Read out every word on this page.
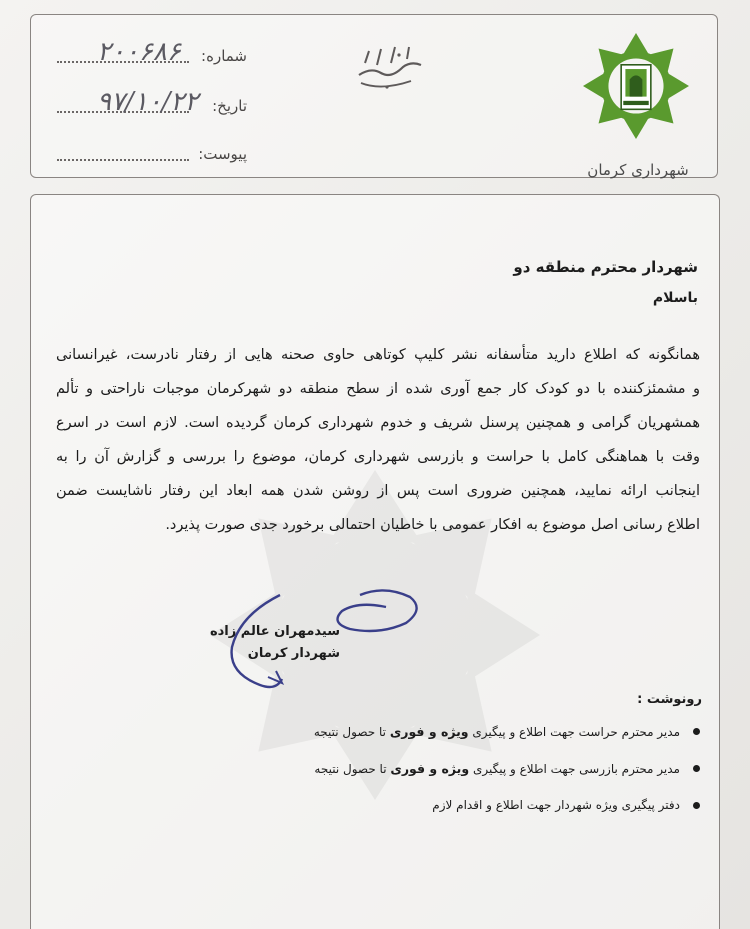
شهرداری کرمان
شماره:
۲۰۰۶۸۶
تاریخ:
۹۷/۱۰/۲۲
پیوست:
شهردار محترم منطقه دو
باسلام
همانگونه که اطلاع دارید متأسفانه نشر کلیپ کوتاهی حاوی صحنه هایی از رفتار نادرست، غیرانسانی
و مشمئزکننده با دو کودک کار جمع آوری شده از سطح منطقه دو شهرکرمان موجبات ناراحتی و تألم
همشهریان گرامی و همچنین پرسنل شریف و خدوم شهرداری کرمان گردیده است. لازم است در اسرع
وقت با هماهنگی کامل با حراست و بازرسی شهرداری کرمان، موضوع را بررسی و گزارش آن را به
اینجانب ارائه نمایید، همچنین ضروری است پس از روشن شدن همه ابعاد این رفتار ناشایست ضمن
اطلاع رسانی اصل موضوع به افکار عمومی با خاطیان احتمالی برخورد جدی صورت پذیرد.
سیدمهران عالم زاده
شهردار کرمان
رونوشت :
مدیر محترم حراست جهت اطلاع و پیگیری ویژه و فوری تا حصول نتیجه
مدیر محترم بازرسی جهت اطلاع و پیگیری ویژه و فوری تا حصول نتیجه
دفتر پیگیری ویژه شهردار جهت اطلاع و اقدام لازم
